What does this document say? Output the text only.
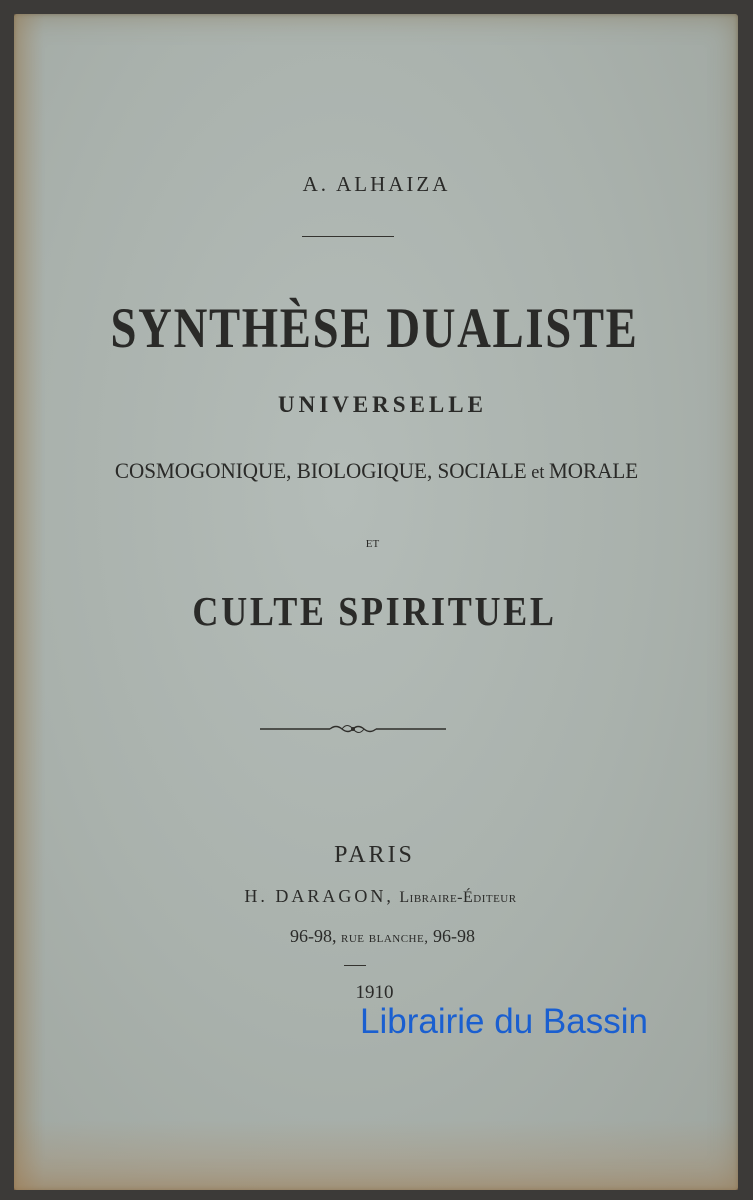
A. ALHAIZA
SYNTHÈSE DUALISTE
UNIVERSELLE
COSMOGONIQUE, BIOLOGIQUE, SOCIALE et MORALE
ET
CULTE SPIRITUEL
PARIS
H. DARAGON, Libraire-Éditeur
96-98, rue blanche, 96-98
1910
Librairie du Bassin
